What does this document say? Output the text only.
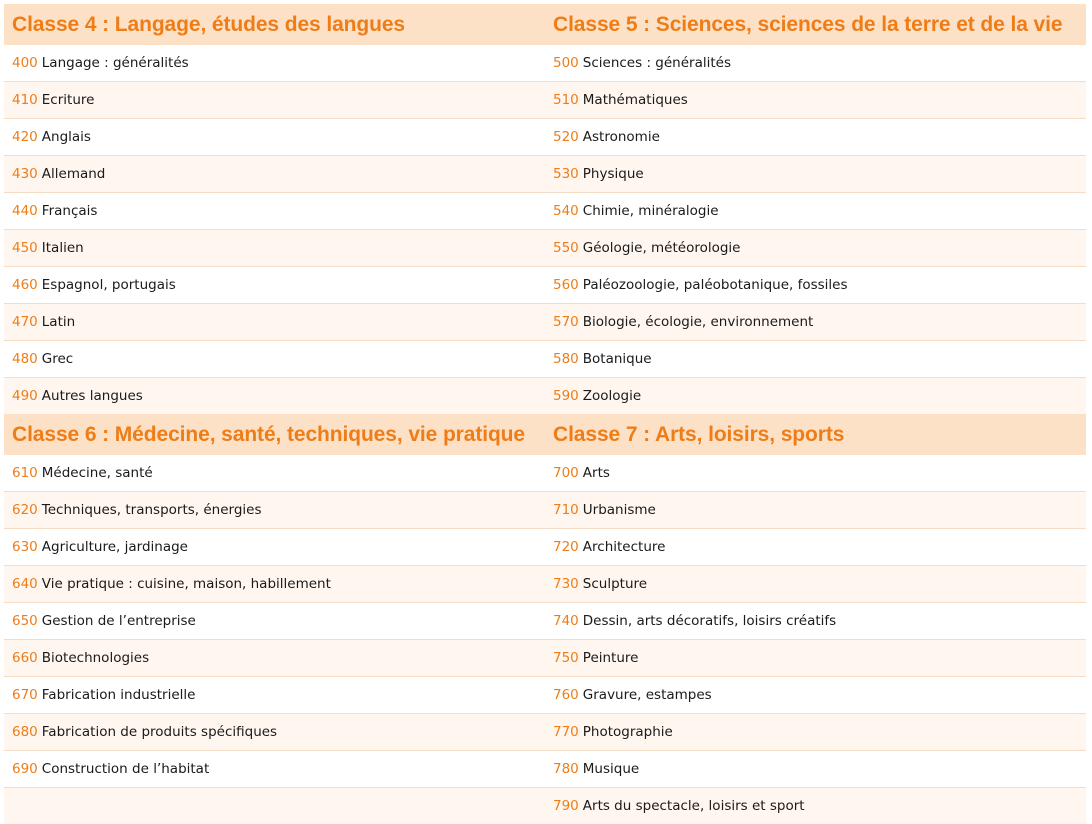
Classe 4 : Langage, études des langues	Classe 5 : Sciences, sciences de la terre et de la vie
400 Langage : généralités	500 Sciences : généralités
410 Ecriture	510 Mathématiques
420 Anglais	520 Astronomie
430 Allemand	530 Physique
440 Français	540 Chimie, minéralogie
450 Italien	550 Géologie, météorologie
460 Espagnol, portugais	560 Paléozoologie, paléobotanique, fossiles
470 Latin	570 Biologie, écologie, environnement
480 Grec	580 Botanique
490 Autres langues	590 Zoologie
Classe 6 : Médecine, santé, techniques, vie pratique	Classe 7 : Arts, loisirs, sports
610 Médecine, santé	700 Arts
620 Techniques, transports, énergies	710 Urbanisme
630 Agriculture, jardinage	720 Architecture
640 Vie pratique : cuisine, maison, habillement	730 Sculpture
650 Gestion de l’entreprise	740 Dessin, arts décoratifs, loisirs créatifs
660 Biotechnologies	750 Peinture
670 Fabrication industrielle	760 Gravure, estampes
680 Fabrication de produits spécifiques	770 Photographie
690 Construction de l’habitat	780 Musique
	790 Arts du spectacle, loisirs et sport
